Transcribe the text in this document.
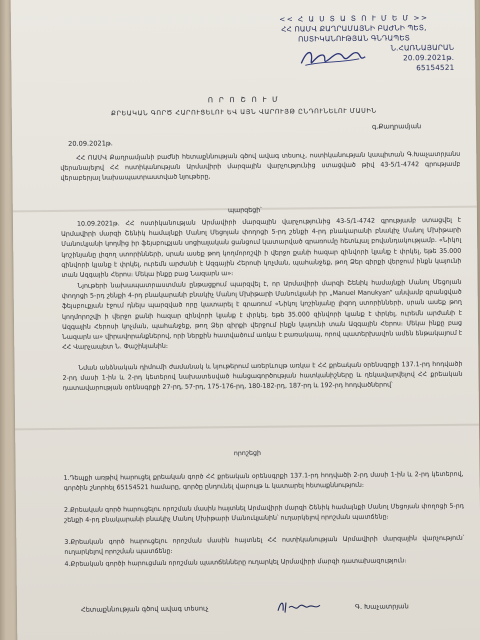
<< Հ Ա Ս Տ Ա Տ Ո Ւ Մ Ե Մ >>
ՀՀ ՈԱՄՎ ՔԱՂՐԱՄԱՅՆԻ ԲԱԺՆԻ ՊԵՏ,
ՈՍՏԻԿԱՆՈՒԹՅԱՆ ԳՆԴԱՊԵՏ
Ն.ՀԱՌՆԱՅԱՐԱՆ
20.09.2021թ.
65154521
Ո Ր Ո Շ Ո Ւ Մ
ՔՐԵԱԿԱՆ ԳՈՐԾ ՀԱՐՈՒՑԵԼՈՒ ԵՎ ԱՅՆ ՎԱՐՈՒՅԹ ԸՆԴՈՒՆԵԼՈՒ ՄԱՍԻՆ
գ.Քաղրամյան
20.09.2021թ.

ՀՀ ՈԱՄՎ Քաղրամյանի բաժնի հետաքննության գծով ավագ տեսուչ, ոստիկանության կապիտան Գ.Խաչատրյանս վերանայելով ՀՀ ոստիկանության Արմավիրի մարզային վարչությունից ստացված թիվ 43-5/1-4742 գրությամբ վերաբերյալ նախապատրաստված նյութերը,

պարզեցի՝

10.09.2021թ. ՀՀ ոստիկանության Արմավիրի մարզային վարչությունից 43-5/1-4742 գրությամբ ստացվել է Արմավիրի մարզի Շենիկ համայնքի Մանոլ Մեցոյան փողոցի 5-րդ շենքի 4-րդ բնակարանի բնակիչ Մանոլ Մխիթարի Մանուկյանի կողմից իր ֆեյսբուքյան սոցիալական ցանցում կատարված գրառումը հետևյալ բովանդակությամբ. «Նիկոլ կոշինյանը լիզող ստորինների, սրան ասեք թող կողմորոշվի ի վերջո քանի հազար զինվորի կյանք է փրկել, եթե 35.000 զինվորի կյանք է փրկել, ուրեմն արժանի է Ազգային Հերոսի կոչման, պահանջեք, թող Ձեր գիրքի վերջում ինքն կայունի տան Ազգային Հերոս։ Մեկա ինքը բաց Նազարն ա»։

Նյութերի նախապատրաստման ընթացքում պարզվել է, որ Արմավիրի մարզի Շենիկ համայնքի Մանոլ Մեցոյան փողոցի 5-րդ շենքի 4-րդ բնակարանի բնակիչ Մանոլ Մխիթարի Մանուկյանի իր „Manuel Manukyan“ անվամբ գրանցված ֆեյսբուքյան էջում դնելս պարզված որը կատարել է գրառում «Նիկոլ կոշինյանը լիզող ստորինների, սրան ասեք թող կողմորոշվի ի վերջո քանի հազար զինվորի կյանք է փրկել. եթե 35.000 զինվորի կյանք է փրկել, ուրեմն արժանի է Ազգային Հերոսի կոչման, պահանջեք, թող Ձեր գիրքի վերջում ինքն կայունի տան Ազգային Հերոս։ Մեկա ինքը բաց Նազարն ա» վիրավորանքներով, որի ներքին հատվածում առկա է բառակապ, որով պատերխավոն ամեն ենթակայում է ՀՀ Վարչապետ Ն. Փաշինյանին։

Նման անձնական դիմումի ժամանակ և նյութերում առերևույթ առկա է ՀՀ քրեական օրենսգրքի 137.1-րդ հոդվածի 2-րդ մասի 1-ին և 2-րդ կետերով նախատեսված հանցագործության հատկանիշները և ղեկավարվելով ՀՀ քրեական դատավարության օրենսգրքի 27-րդ, 57-րդ, 175-176-րդ, 180-182-րդ, 187-րդ և 192-րդ հոդվածներով՝

որոշեցի

1.Դեպքի առթիվ հարուցել քրեական գործ ՀՀ քրեական օրենսգրքի 137.1-րդ հոդվածի 2-րդ մասի 1-ին և 2-րդ կետերով, գործին շնորհել 65154521 համարը, գործը ընդունել վարույթ և կատարել հետաքննություն։

2.Քրեական գործ հարուցելու որոշման մասին հայտնել Արմավիրի մարզի Շենիկ համայնքի Մանոլ Մեցոյան փողոցի 5-րդ շենքի 4-րդ բնակարանի բնակիչ Մանոլ Մխիթարի Մանուկյանին՝ ուղարկելով որոշման պատճենը։

3.Քրեական գործ հարուցելու որոշման մասին հայտնել ՀՀ ոստիկանության Արմավիրի մարզային վարչություն՝ ուղարկելով որոշման պատճենը։

4.Քրեական գործի հարուցման որոշման պատճենները ուղարկել Արմավիրի մարզի դատախազություն։

Հետաքննության գծով ավագ տեսուչ	Գ. Խաչատրյան
